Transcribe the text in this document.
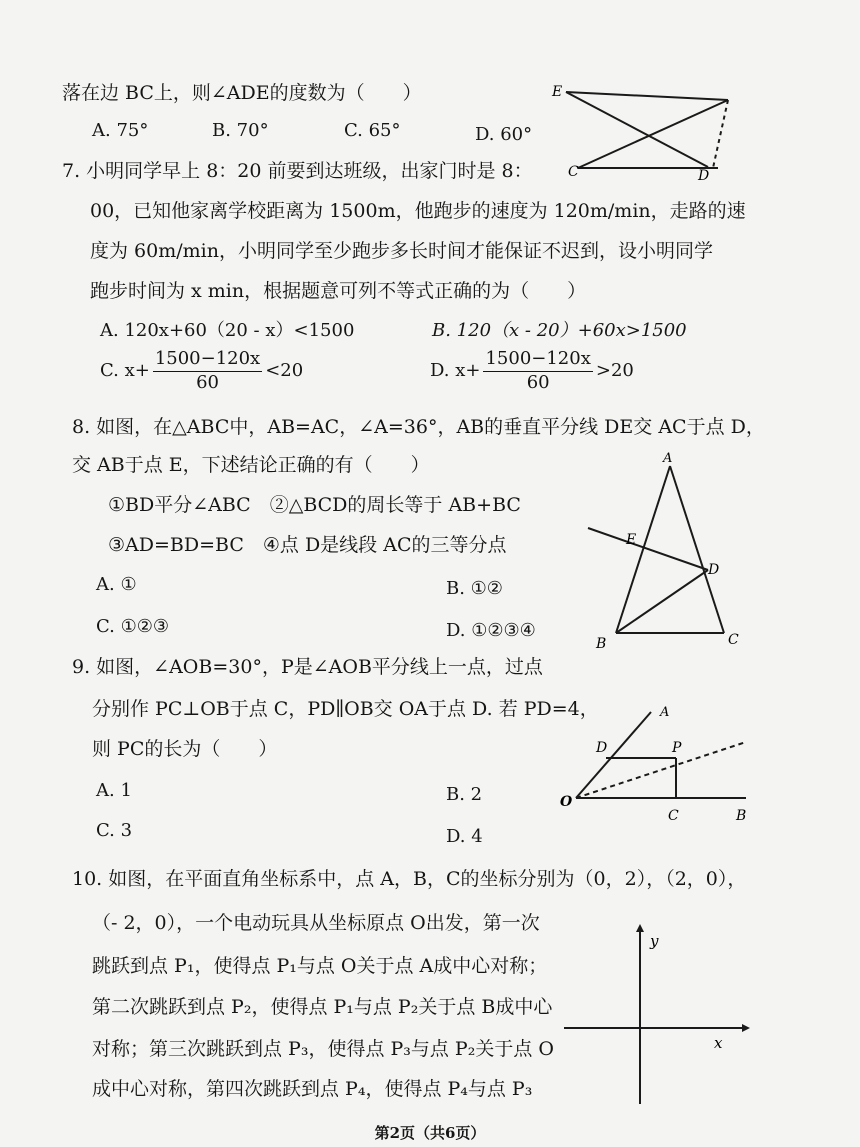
落在边 BC上，则∠ADE的度数为（　　）
A. 75°	B. 70°	C. 65°	D. 60°
E
C	D
7. 小明同学早上 8：20 前要到达班级，出家门时是 8：
00，已知他家离学校距离为 1500m，他跑步的速度为 120m/min，走路的速
度为 60m/min，小明同学至少跑步多长时间才能保证不迟到，设小明同学
跑步时间为 x min，根据题意可列不等式正确的为（　　）
A. 120x+60（20 - x）<1500	B. 120（x - 20）+60x>1500
C. $x+ \frac{1500-120x}{60} <20$	D. $x+ \frac{1500-120x}{60} >20$
8. 如图，在△ABC中，AB=AC，∠A=36°，AB的垂直平分线 DE交 AC于点 D，
交 AB于点 E，下述结论正确的有（　　）
①BD平分∠ABC　②△BCD的周长等于 AB+BC
③AD=BD=BC　④点 D是线段 AC的三等分点
A. ①	B. ①②
C. ①②③	D. ①②③④
A
E
D
B	C
9. 如图，∠AOB=30°，P是∠AOB平分线上一点，过点
分别作 PC⊥OB于点 C，PD∥OB交 OA于点 D. 若 PD=4，
则 PC的长为（　　）
A. 1	B. 2
C. 3	D. 4
A
D	P
O
C	B
10. 如图，在平面直角坐标系中，点 A，B，C的坐标分别为（0，2），（2，0），
（- 2，0），一个电动玩具从坐标原点 O出发，第一次
跳跃到点 P₁，使得点 P₁与点 O关于点 A成中心对称；
第二次跳跃到点 P₂，使得点 P₁与点 P₂关于点 B成中心
对称；第三次跳跃到点 P₃，使得点 P₃与点 P₂关于点 O
成中心对称，第四次跳跃到点 P₄，使得点 P₄与点 P₃
y
x
第2页（共6页）
